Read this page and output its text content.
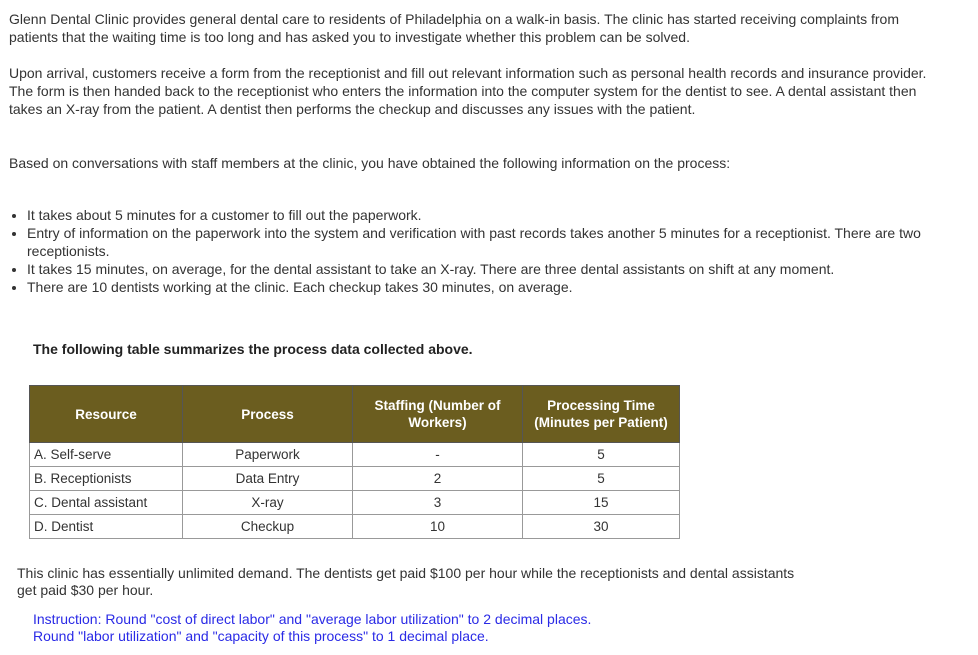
Glenn Dental Clinic provides general dental care to residents of Philadelphia on a walk-in basis. The clinic has started receiving complaints from patients that the waiting time is too long and has asked you to investigate whether this problem can be solved.

Upon arrival, customers receive a form from the receptionist and fill out relevant information such as personal health records and insurance provider. The form is then handed back to the receptionist who enters the information into the computer system for the dentist to see. A dental assistant then takes an X-ray from the patient. A dentist then performs the checkup and discusses any issues with the patient.

Based on conversations with staff members at the clinic, you have obtained the following information on the process:

• It takes about 5 minutes for a customer to fill out the paperwork.
• Entry of information on the paperwork into the system and verification with past records takes another 5 minutes for a receptionist. There are two receptionists.
• It takes 15 minutes, on average, for the dental assistant to take an X-ray. There are three dental assistants on shift at any moment.
• There are 10 dentists working at the clinic. Each checkup takes 30 minutes, on average.

The following table summarizes the process data collected above.

Resource	Process	Staffing (Number of Workers)	Processing Time (Minutes per Patient)
A. Self-serve	Paperwork	-	5
B. Receptionists	Data Entry	2	5
C. Dental assistant	X-ray	3	15
D. Dentist	Checkup	10	30

This clinic has essentially unlimited demand. The dentists get paid $100 per hour while the receptionists and dental assistants get paid $30 per hour.

Instruction: Round "cost of direct labor" and "average labor utilization" to 2 decimal places.
Round "labor utilization" and "capacity of this process" to 1 decimal place.
